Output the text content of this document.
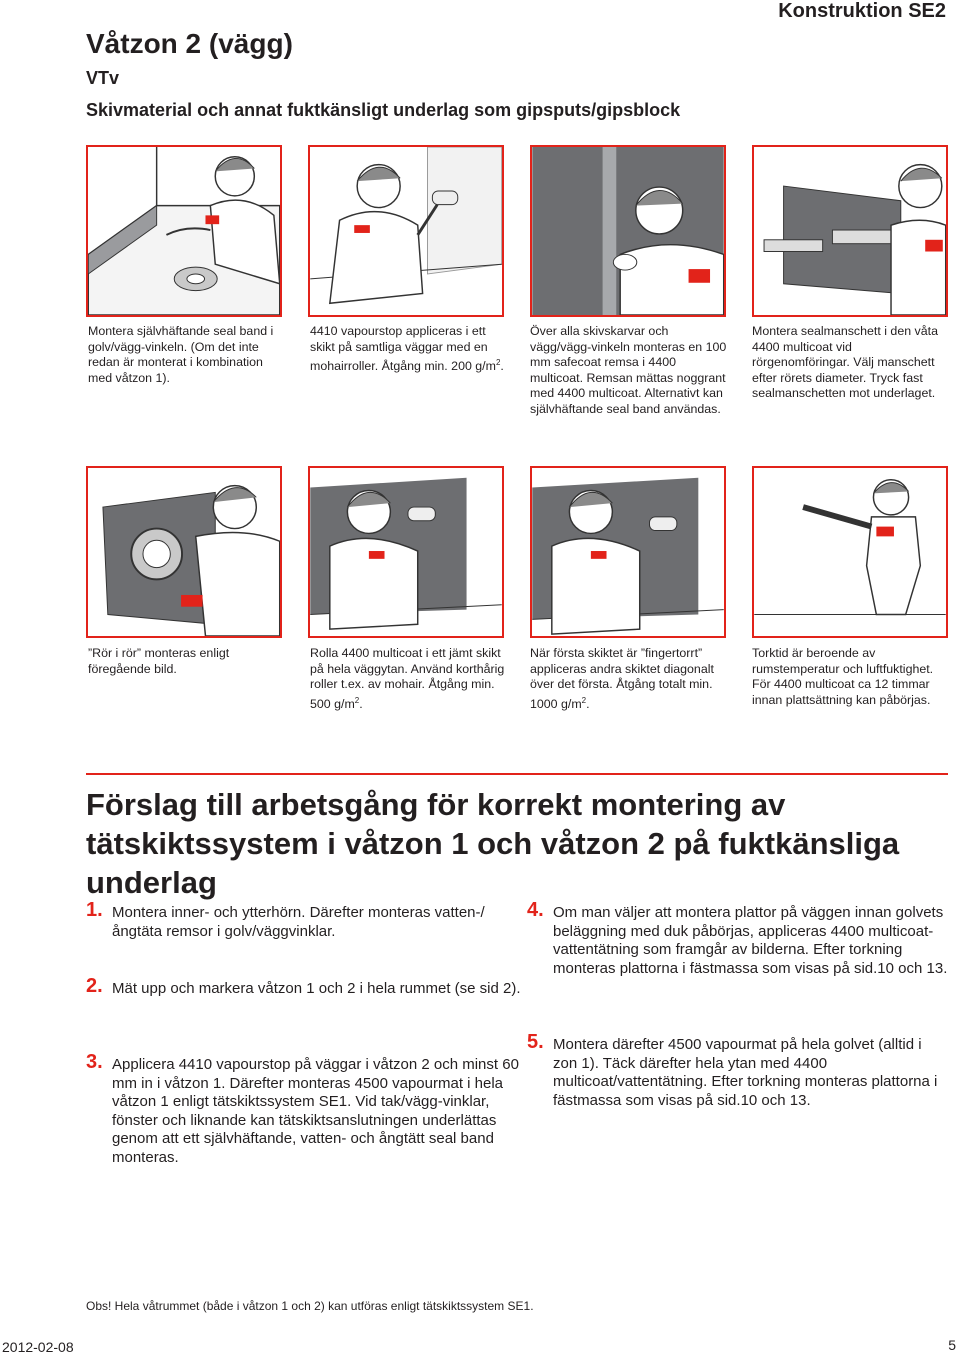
Konstruktion SE2
Våtzon 2 (vägg)
VTv
Skivmaterial och annat fuktkänsligt underlag som gipsputs/gipsblock
Montera självhäftande seal band i golv/vägg-vinkeln. (Om det inte redan är monterat i kombination med våtzon 1).
4410 vapourstop appliceras i ett skikt på samtliga väggar med en mohairroller. Åtgång min. 200 $g/m^2$.
Över alla skivskarvar och vägg/vägg-vinkeln monteras en 100 mm safecoat remsa i 4400 multicoat. Remsan mättas noggrant med 4400 multicoat. Alternativt kan självhäftande seal band användas.
Montera sealmanschett i den våta 4400 multicoat vid rörgenomföringar. Välj manschett efter rörets diameter. Tryck fast sealmanschetten mot underlaget.
”Rör i rör” monteras enligt föregående bild.
Rolla 4400 multicoat i ett jämt skikt på hela väggytan. Använd korthårig roller t.ex. av mohair. Åtgång min. 500 $g/m^2$.
När första skiktet är ”fingertorrt” appliceras andra skiktet diagonalt över det första. Åtgång totalt min. 1000 $g/m^2$.
Torktid är beroende av rumstemperatur och luftfuktighet. För 4400 multicoat ca 12 timmar innan plattsättning kan påbörjas.
Förslag till arbetsgång för korrekt montering av tätskiktssystem i våtzon 1 och våtzon 2 på fuktkänsliga underlag
1. Montera inner- och ytterhörn. Därefter monteras vatten-/ångtäta remsor i golv/väggvinklar.
2. Mät upp och markera våtzon 1 och 2 i hela rummet (se sid 2).
3. Applicera 4410 vapourstop på väggar i våtzon 2 och minst 60 mm in i våtzon 1. Därefter monteras 4500 vapourmat i hela våtzon 1 enligt tätskiktssystem SE1. Vid tak/vägg-vinklar, fönster och liknande kan tätskiktsanslutningen underlättas genom att ett självhäftande, vatten- och ångtätt seal band monteras.
4. Om man väljer att montera plattor på väggen innan golvets beläggning med duk påbörjas, appliceras 4400 multicoat-vattentätning som framgår av bilderna. Efter torkning monteras plattorna i fästmassa som visas på sid.10 och 13.
5. Montera därefter 4500 vapourmat på hela golvet (alltid i zon 1). Täck därefter hela ytan med 4400 multicoat/vattentätning. Efter torkning monteras plattorna i fästmassa som visas på sid.10 och 13.
Obs! Hela våtrummet (både i våtzon 1 och 2) kan utföras enligt tätskiktssystem SE1.
2012-02-08	5
